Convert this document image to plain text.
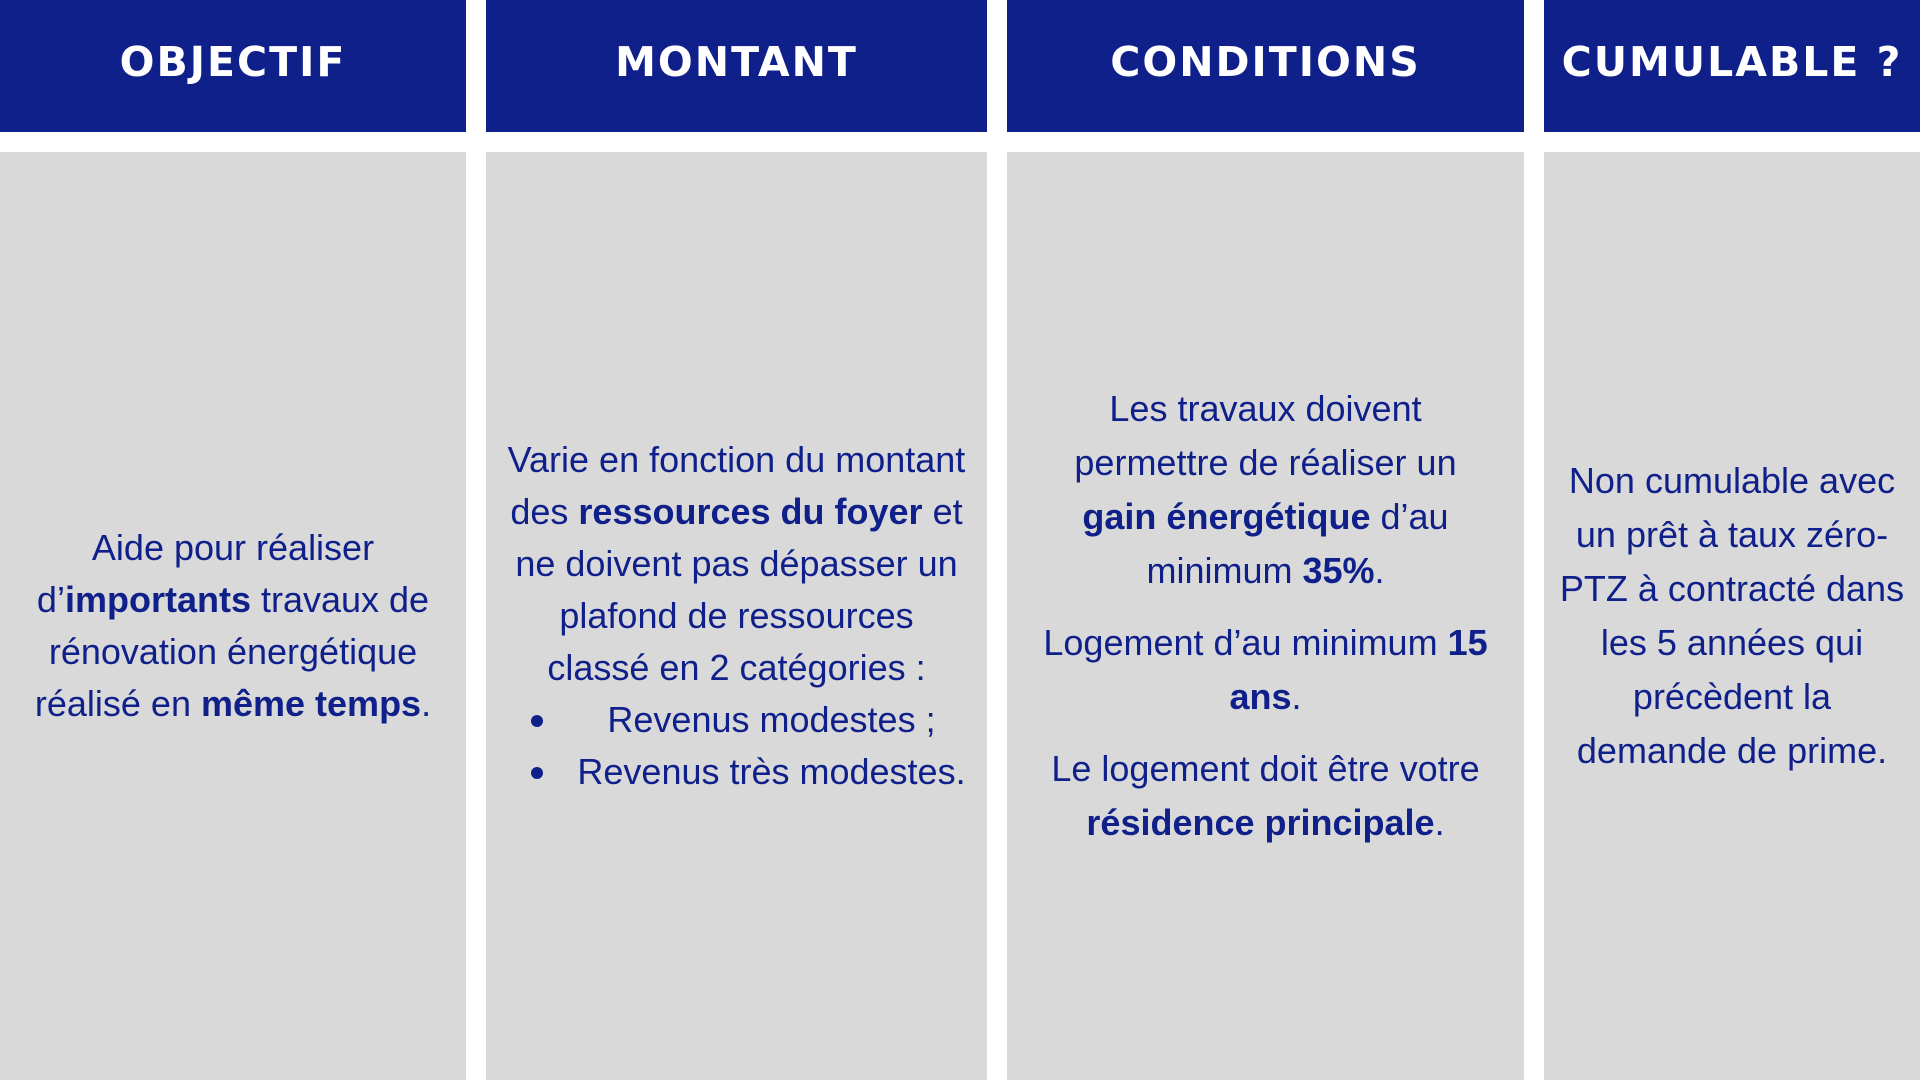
OBJECTIF

Aide pour réaliser
d’importants travaux de rénovation énergétique réalisé en même temps.

MONTANT

Varie en fonction du montant des ressources du foyer et ne doivent pas dépasser un plafond de ressources classé en 2 catégories :

Revenus modestes ;
Revenus très modestes.
CONDITIONS

Les travaux doivent permettre de réaliser un gain énergétique d’au minimum 35%.

Logement d’au minimum 15 ans.

Le logement doit être votre résidence principale.

CUMULABLE ?

Non cumulable avec un prêt à taux zéro-PTZ à contracté dans les 5 années qui précèdent la demande de prime.
